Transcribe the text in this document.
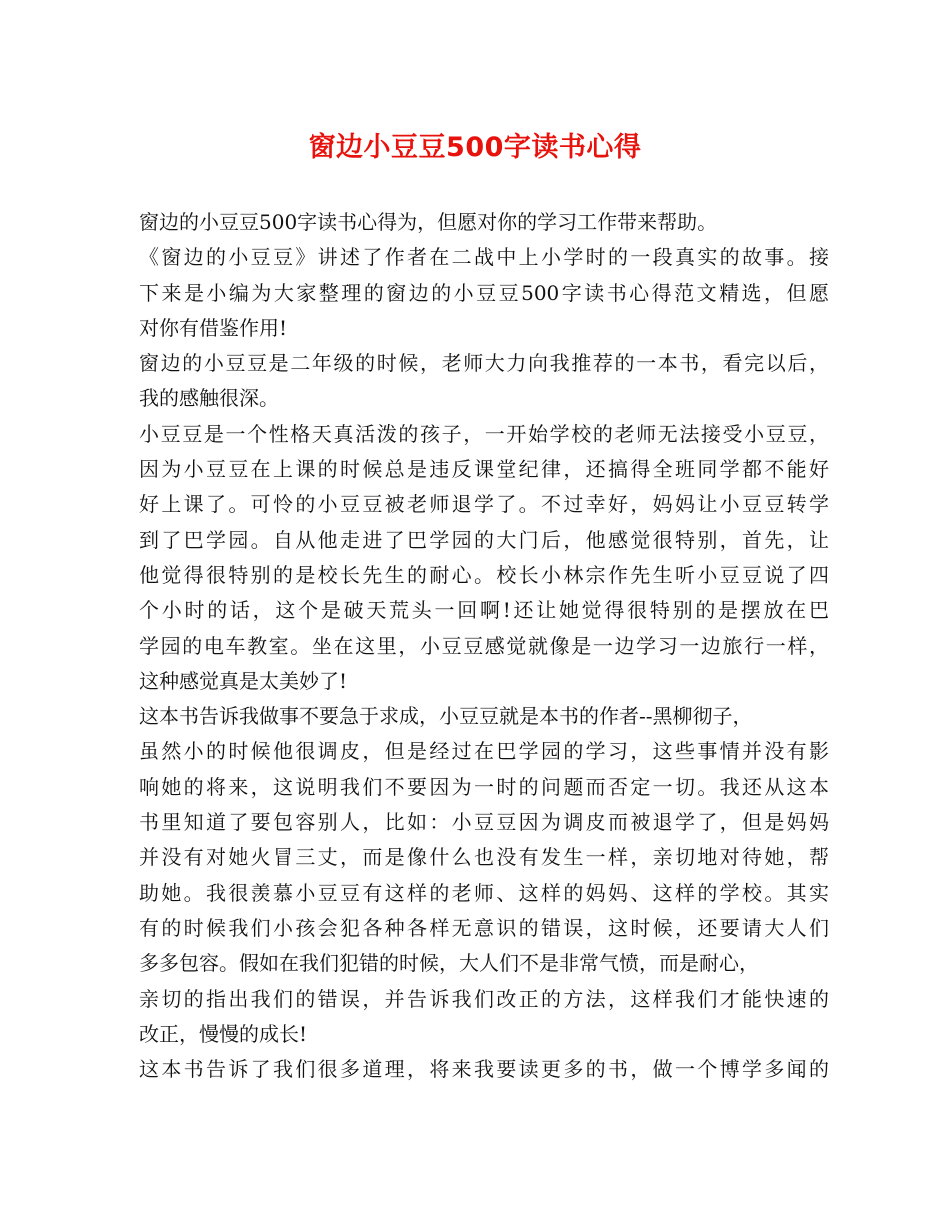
窗边小豆豆500字读书心得
窗边的小豆豆500字读书心得为，但愿对你的学习工作带来帮助。
《窗边的小豆豆》讲述了作者在二战中上小学时的一段真实的故事。接
下来是小编为大家整理的窗边的小豆豆500字读书心得范文精选，但愿
对你有借鉴作用!
窗边的小豆豆是二年级的时候，老师大力向我推荐的一本书，看完以后，
我的感触很深。
小豆豆是一个性格天真活泼的孩子，一开始学校的老师无法接受小豆豆，
因为小豆豆在上课的时候总是违反课堂纪律，还搞得全班同学都不能好
好上课了。可怜的小豆豆被老师退学了。不过幸好，妈妈让小豆豆转学
到了巴学园。自从他走进了巴学园的大门后，他感觉很特别，首先，让
他觉得很特别的是校长先生的耐心。校长小林宗作先生听小豆豆说了四
个小时的话，这个是破天荒头一回啊!还让她觉得很特别的是摆放在巴
学园的电车教室。坐在这里，小豆豆感觉就像是一边学习一边旅行一样，
这种感觉真是太美妙了!
这本书告诉我做事不要急于求成，小豆豆就是本书的作者--黑柳彻子，
虽然小的时候他很调皮，但是经过在巴学园的学习，这些事情并没有影
响她的将来，这说明我们不要因为一时的问题而否定一切。我还从这本
书里知道了要包容别人，比如：小豆豆因为调皮而被退学了，但是妈妈
并没有对她火冒三丈，而是像什么也没有发生一样，亲切地对待她，帮
助她。我很羡慕小豆豆有这样的老师、这样的妈妈、这样的学校。其实
有的时候我们小孩会犯各种各样无意识的错误，这时候，还要请大人们
多多包容。假如在我们犯错的时候，大人们不是非常气愤，而是耐心，
亲切的指出我们的错误，并告诉我们改正的方法，这样我们才能快速的
改正，慢慢的成长!
这本书告诉了我们很多道理，将来我要读更多的书，做一个博学多闻的
